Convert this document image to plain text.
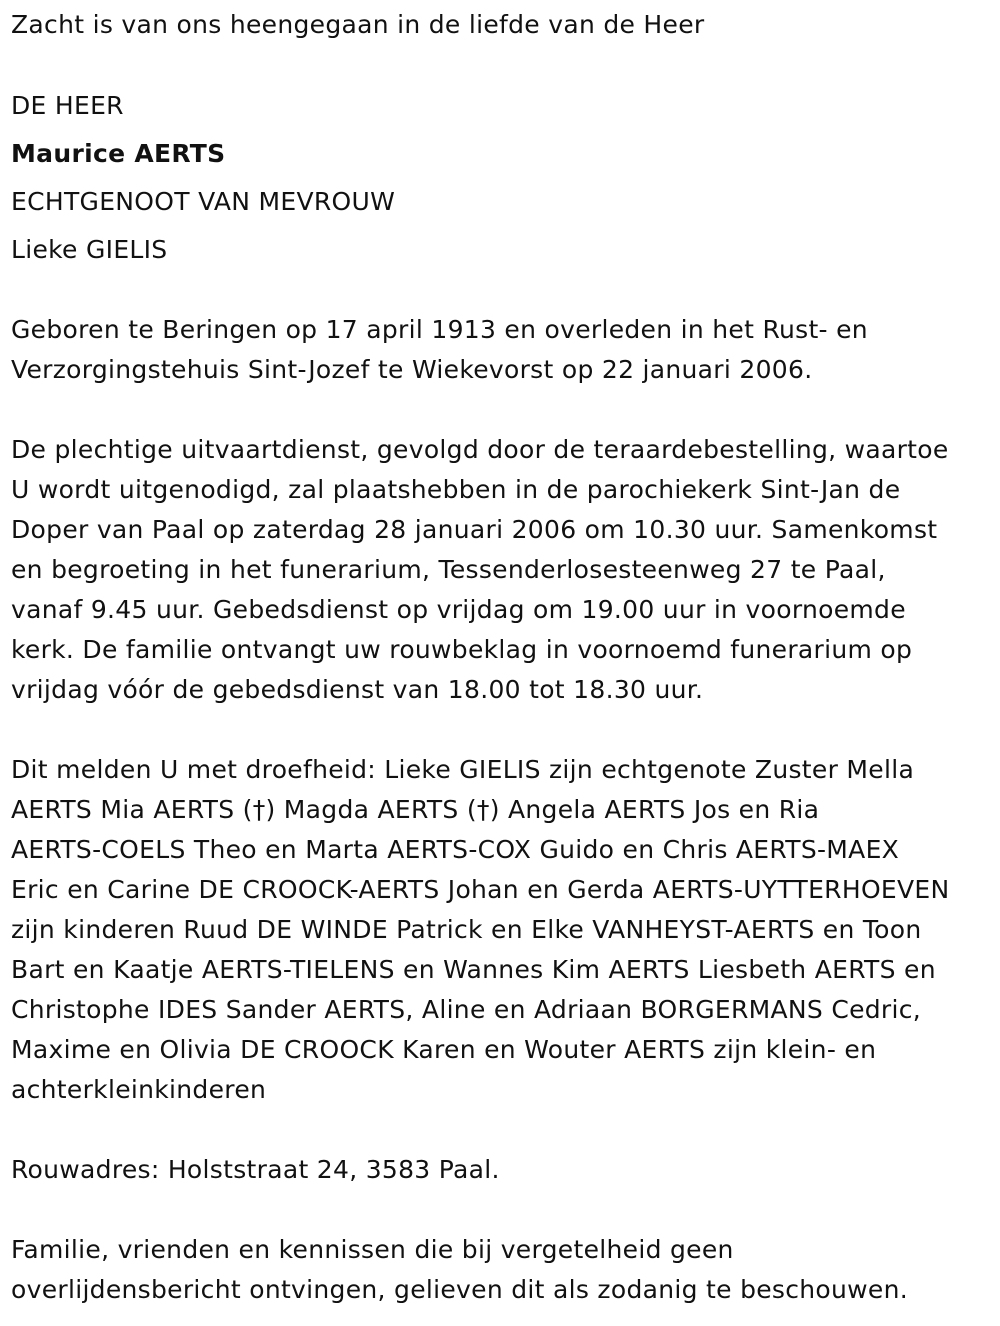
Zacht is van ons heengegaan in de liefde van de Heer
DE HEER
Maurice AERTS
ECHTGENOOT VAN MEVROUW
Lieke GIELIS
Geboren te Beringen op 17 april 1913 en overleden in het Rust- en
Verzorgingstehuis Sint-Jozef te Wiekevorst op 22 januari 2006.
De plechtige uitvaartdienst, gevolgd door de teraardebestelling, waartoe
U wordt uitgenodigd, zal plaatshebben in de parochiekerk Sint-Jan de
Doper van Paal op zaterdag 28 januari 2006 om 10.30 uur. Samenkomst
en begroeting in het funerarium, Tessenderlosesteenweg 27 te Paal,
vanaf 9.45 uur. Gebedsdienst op vrijdag om 19.00 uur in voornoemde
kerk. De familie ontvangt uw rouwbeklag in voornoemd funerarium op
vrijdag vóór de gebedsdienst van 18.00 tot 18.30 uur.
Dit melden U met droefheid: Lieke GIELIS zijn echtgenote Zuster Mella
AERTS Mia AERTS (†) Magda AERTS (†) Angela AERTS Jos en Ria
AERTS-COELS Theo en Marta AERTS-COX Guido en Chris AERTS-MAEX
Eric en Carine DE CROOCK-AERTS Johan en Gerda AERTS-UYTTERHOEVEN
zijn kinderen Ruud DE WINDE Patrick en Elke VANHEYST-AERTS en Toon
Bart en Kaatje AERTS-TIELENS en Wannes Kim AERTS Liesbeth AERTS en
Christophe IDES Sander AERTS, Aline en Adriaan BORGERMANS Cedric,
Maxime en Olivia DE CROOCK Karen en Wouter AERTS zijn klein- en
achterkleinkinderen
Rouwadres: Holststraat 24, 3583 Paal.
Familie, vrienden en kennissen die bij vergetelheid geen
overlijdensbericht ontvingen, gelieven dit als zodanig te beschouwen.
